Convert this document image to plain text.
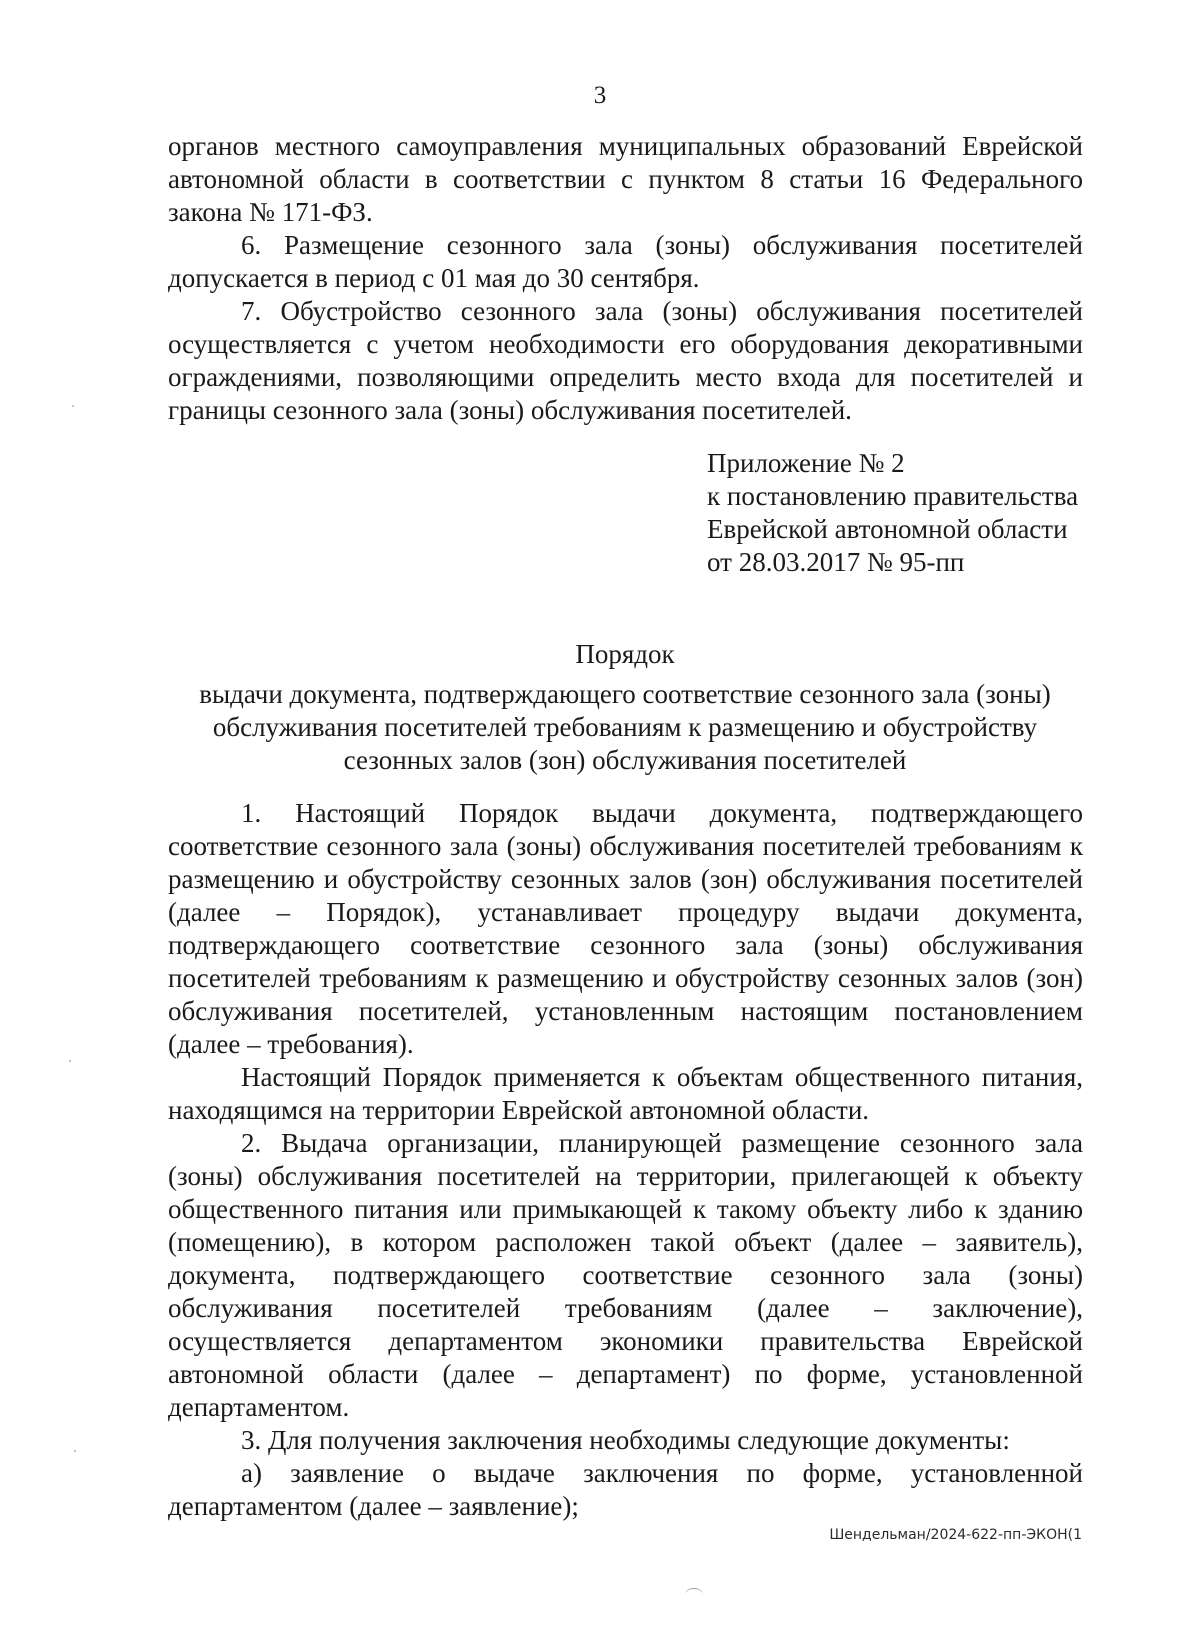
3

органов местного самоуправления муниципальных образований Еврейской автономной области в соответствии с пунктом 8 статьи 16 Федерального закона № 171-ФЗ.

6. Размещение сезонного зала (зоны) обслуживания посетителей допускается в период с 01 мая до 30 сентября.

7. Обустройство сезонного зала (зоны) обслуживания посетителей осуществляется с учетом необходимости его оборудования декоративными ограждениями, позволяющими определить место входа для посетителей и границы сезонного зала (зоны) обслуживания посетителей.

Приложение № 2
к постановлению правительства
Еврейской автономной области
от 28.03.2017 № 95-пп
Порядок
выдачи документа, подтверждающего соответствие сезонного зала (зоны)
обслуживания посетителей требованиям к размещению и обустройству
сезонных залов (зон) обслуживания посетителей

1. Настоящий Порядок выдачи документа, подтверждающего соответствие сезонного зала (зоны) обслуживания посетителей требованиям к размещению и обустройству сезонных залов (зон) обслуживания посетителей (далее – Порядок), устанавливает процедуру выдачи документа, подтверждающего соответствие сезонного зала (зоны) обслуживания посетителей требованиям к размещению и обустройству сезонных залов (зон) обслуживания посетителей, установленным настоящим постановлением (далее – требования).

Настоящий Порядок применяется к объектам общественного питания, находящимся на территории Еврейской автономной области.

2. Выдача организации, планирующей размещение сезонного зала (зоны) обслуживания посетителей на территории, прилегающей к объекту общественного питания или примыкающей к такому объекту либо к зданию (помещению), в котором расположен такой объект (далее – заявитель), документа, подтверждающего соответствие сезонного зала (зоны) обслуживания посетителей требованиям (далее – заключение), осуществляется департаментом экономики правительства Еврейской автономной области (далее – департамент) по форме, установленной департаментом.

3. Для получения заключения необходимы следующие документы:

а) заявление о выдаче заключения по форме, установленной департаментом (далее – заявление);

Шендельман/2024-622-пп-ЭКОН(1
